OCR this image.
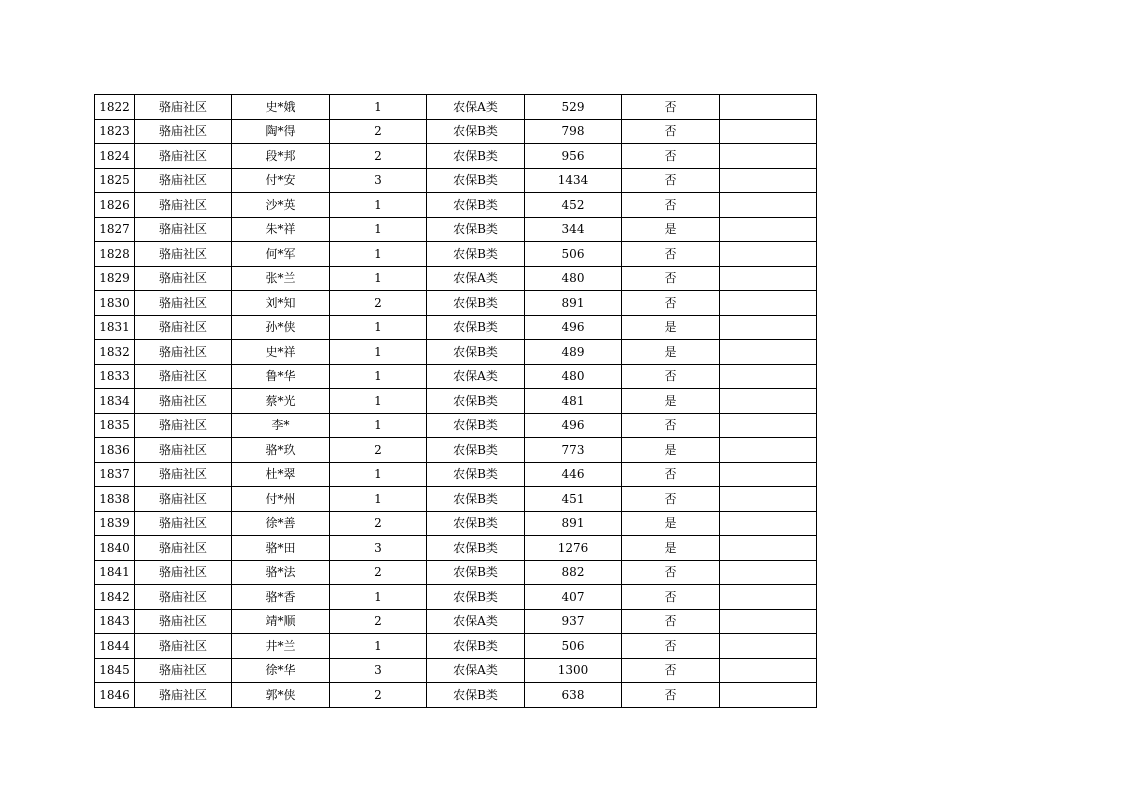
1822	骆庙社区	史*娥	1	农保A类	529	否	
1823	骆庙社区	陶*得	2	农保B类	798	否	
1824	骆庙社区	段*邦	2	农保B类	956	否	
1825	骆庙社区	付*安	3	农保B类	1434	否	
1826	骆庙社区	沙*英	1	农保B类	452	否	
1827	骆庙社区	朱*祥	1	农保B类	344	是	
1828	骆庙社区	何*军	1	农保B类	506	否	
1829	骆庙社区	张*兰	1	农保A类	480	否	
1830	骆庙社区	刘*知	2	农保B类	891	否	
1831	骆庙社区	孙*侠	1	农保B类	496	是	
1832	骆庙社区	史*祥	1	农保B类	489	是	
1833	骆庙社区	鲁*华	1	农保A类	480	否	
1834	骆庙社区	蔡*光	1	农保B类	481	是	
1835	骆庙社区	李*	1	农保B类	496	否	
1836	骆庙社区	骆*玖	2	农保B类	773	是	
1837	骆庙社区	杜*翠	1	农保B类	446	否	
1838	骆庙社区	付*州	1	农保B类	451	否	
1839	骆庙社区	徐*善	2	农保B类	891	是	
1840	骆庙社区	骆*田	3	农保B类	1276	是	
1841	骆庙社区	骆*法	2	农保B类	882	否	
1842	骆庙社区	骆*香	1	农保B类	407	否	
1843	骆庙社区	靖*顺	2	农保A类	937	否	
1844	骆庙社区	井*兰	1	农保B类	506	否	
1845	骆庙社区	徐*华	3	农保A类	1300	否	
1846	骆庙社区	郭*侠	2	农保B类	638	否	
